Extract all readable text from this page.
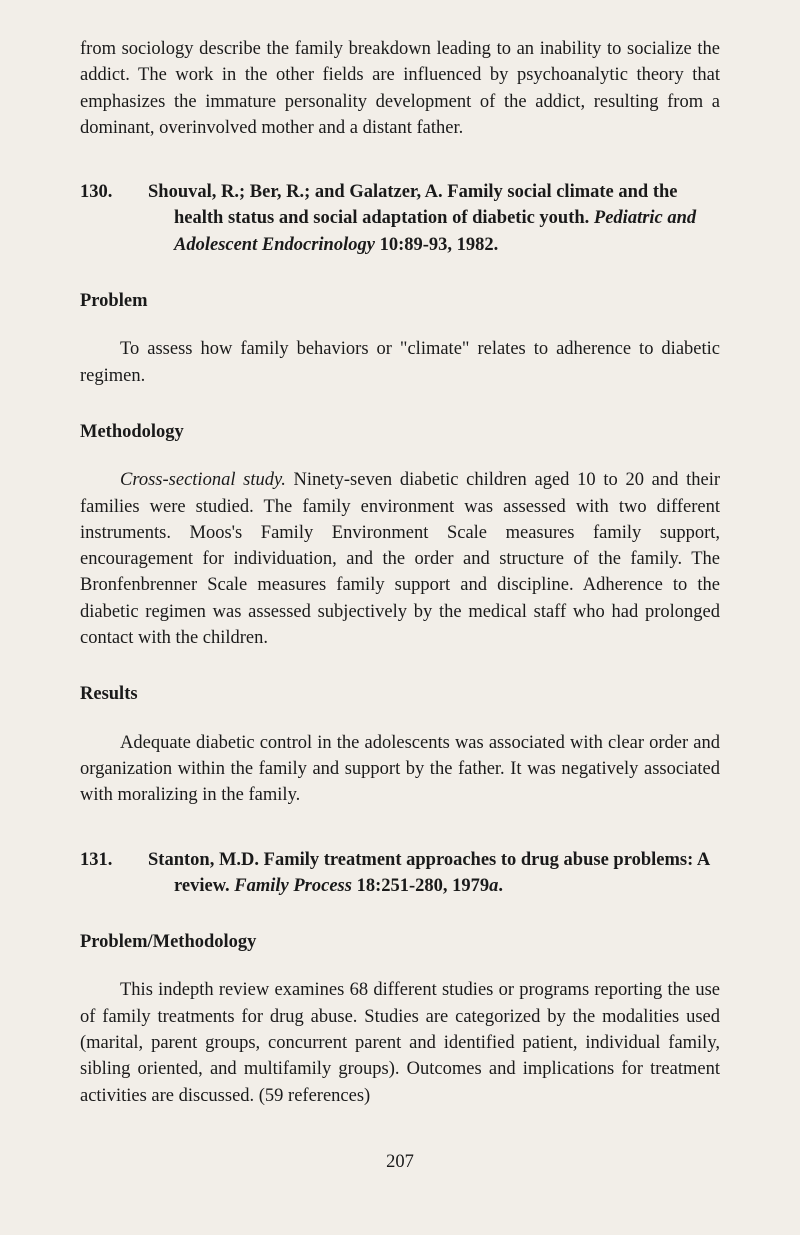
from sociology describe the family breakdown leading to an inability to socialize the addict. The work in the other fields are influenced by psychoanalytic theory that emphasizes the immature personality development of the addict, resulting from a dominant, overinvolved mother and a distant father.

130. Shouval, R.; Ber, R.; and Galatzer, A. Family social climate and the health status and social adaptation of diabetic youth. Pediatric and Adolescent Endocrinology 10:89-93, 1982.

Problem

To assess how family behaviors or "climate" relates to adherence to diabetic regimen.

Methodology

Cross-sectional study. Ninety-seven diabetic children aged 10 to 20 and their families were studied. The family environment was assessed with two different instruments. Moos's Family Environment Scale measures family support, encouragement for individuation, and the order and structure of the family. The Bronfenbrenner Scale measures family support and discipline. Adherence to the diabetic regimen was assessed subjectively by the medical staff who had prolonged contact with the children.

Results

Adequate diabetic control in the adolescents was associated with clear order and organization within the family and support by the father. It was negatively associated with moralizing in the family.

131. Stanton, M.D. Family treatment approaches to drug abuse problems: A review. Family Process 18:251-280, 1979a.

Problem/Methodology

This indepth review examines 68 different studies or programs reporting the use of family treatments for drug abuse. Studies are categorized by the modalities used (marital, parent groups, concurrent parent and identified patient, individual family, sibling oriented, and multifamily groups). Outcomes and implications for treatment activities are discussed. (59 references)

207
